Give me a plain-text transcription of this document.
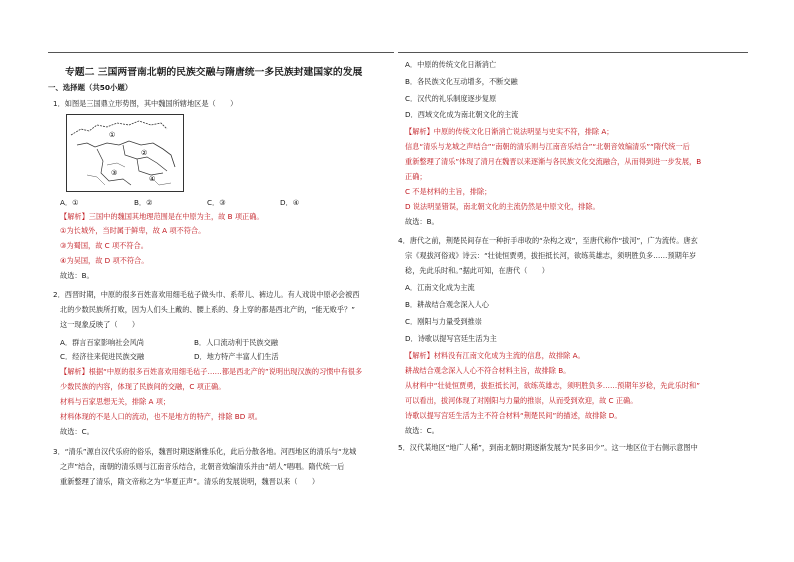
专题二 三国两晋南北朝的民族交融与隋唐统一多民族封建国家的发展
一、选择题（共50小题）
1．如图是三国鼎立形势图，其中魏国所辖地区是（　　）
①
②
③
④
A．①	B．②	C．③	D．④
【解析】三国中的魏国其地理范围是在中原为主，故 B 项正确。
①为长城外，当时属于鲜卑，故 A 项不符合。
③为蜀国，故 C 项不符合。
④为吴国，故 D 项不符合。
故选：B。
2．西晋时期，中原的很多百姓喜欢用细毛毡子做头巾、系带儿、裤边儿。有人戏说中原必会被西
北的少数民族所打败，因为人们头上戴的、腰上系的、身上穿的都是西北产的，“能无败乎？”
这一现象反映了（　　）
A．群言百家影响社会风尚	B．人口流动利于民族交融
C．经济往来促进民族交融	D．地方特产丰富人们生活
【解析】根据“中原的很多百姓喜欢用细毛毡子……都是西北产的”说明出现汉族的习惯中有很多
少数民族的内容，体现了民族间的交融，C 项正确。
材料与百家思想无关，排除 A 项；
材料体现的不是人口的流动，也不是地方的特产，排除 BD 项。
故选：C。
3．“清乐”源自汉代乐府的俗乐，魏晋时期逐渐雅乐化，此后分散各地。河西地区的清乐与“龙城
之声”结合，南朝的清乐则与江南音乐结合，北朝音效编清乐并由“胡人”唱唱。隋代统一后
重新整理了清乐，隋文帝称之为“华夏正声”。清乐的发展说明，魏晋以来（　　）
A．中原的传统文化日渐消亡
B．各民族文化互动增多，不断交融
C．汉代的礼乐制度逐步复原
D．西域文化成为南北朝文化的主流
【解析】中原的传统文化日渐消亡说法明显与史实不符，排除 A；
信息“清乐与龙城之声结合”“南朝的清乐则与江南音乐结合”“北朝音效编清乐”“隋代统一后
重新整理了清乐”体现了清月在魏晋以来逐渐与各民族文化交流融合，从而得到进一步发展，B
正确；
C 不是材料的主旨，排除；
D 说法明显错误，南北朝文化的主流仍然是中原文化，排除。
故选：B。
4．唐代之前，荆楚民间存在一种折手串收的“杂构之戏”，至唐代称作“拔河”，广为流传。唐玄
宗《观拔河俗戏》诗云：“壮徒恒贾勇，拔拒抵长河，欲练英雄志，须明胜负多……预期年岁
稔，先此乐时和。”据此可知，在唐代（　　）
A．江南文化成为主流
B．耕战结合观念深入人心
C．刚阳与力量受到推崇
D．诗歌以提写宫廷生活为主
【解析】材料没有江南文化成为主流的信息，故排除 A。
耕战结合观念深入人心不符合材料主旨，故排除 B。
从材料中“壮徒恒贾勇，拔拒抵长河，欲练英雄志，须明胜负多……预期年岁稔，先此乐时和”
可以看出，拔河体现了对刚阳与力量的推崇，从而受到欢迎，故 C 正确。
诗歌以提写宫廷生活为主不符合材料“荆楚民间”的描述，故排除 D。
故选：C。
5．汉代某地区“地广人稀”，到南北朝时期逐渐发展为“民多田少”。这一地区位于右侧示意图中
